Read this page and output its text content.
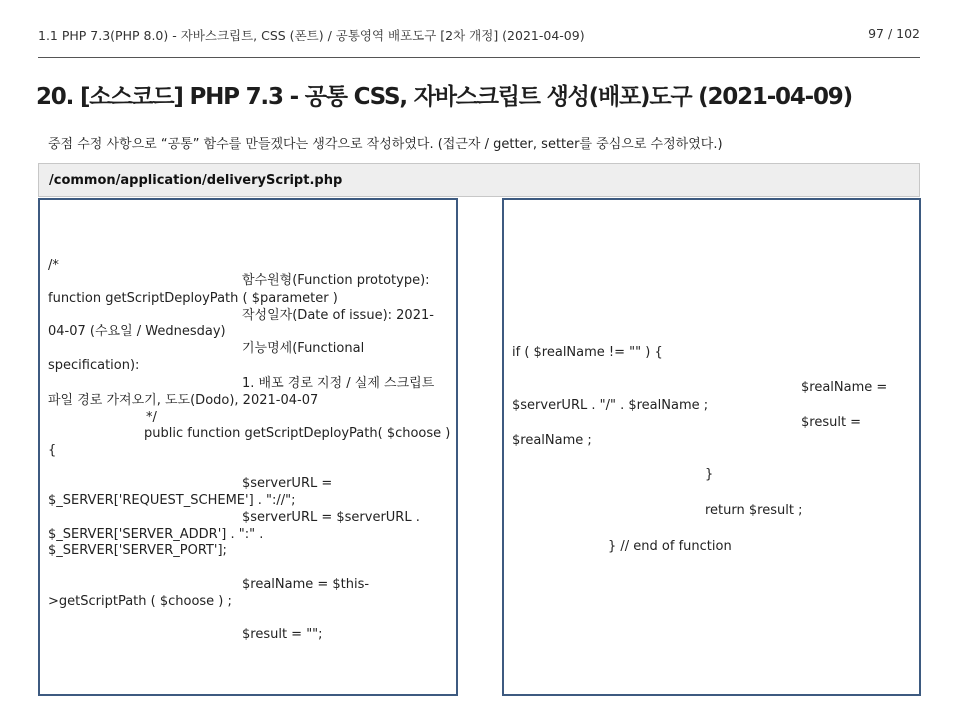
1.1 PHP 7.3(PHP 8.0) - 자바스크립트, CSS (폰트) / 공통영역 배포도구 [2차 개정] (2021-04-09)	97 / 102
20. [소스코드] PHP 7.3 - 공통 CSS, 자바스크립트 생성(배포)도구 (2021-04-09)
중점 수정 사항으로 “공통” 함수를 만들겠다는 생각으로 작성하였다. (접근자 / getter, setter를 중심으로 수정하였다.)
/common/application/deliveryScript.php
/*
함수원형(Function prototype):
function getScriptDeployPath ( $parameter )
작성일자(Date of issue): 2021-
04-07 (수요일 / Wednesday)
기능명세(Functional
specification):
1. 배포 경로 지정 / 실제 스크립트
파일 경로 가져오기, 도도(Dodo), 2021-04-07
*/
public function getScriptDeployPath( $choose )
{
$serverURL =
$_SERVER['REQUEST_SCHEME'] . "://";
$serverURL = $serverURL .
$_SERVER['SERVER_ADDR'] . ":" .
$_SERVER['SERVER_PORT'];
$realName = $this-
>getScriptPath ( $choose ) ;
$result = "";
if ( $realName != "" ) {
$realName =
$serverURL . "/" . $realName ;
$result =
$realName ;
}
return $result ;
} // end of function
